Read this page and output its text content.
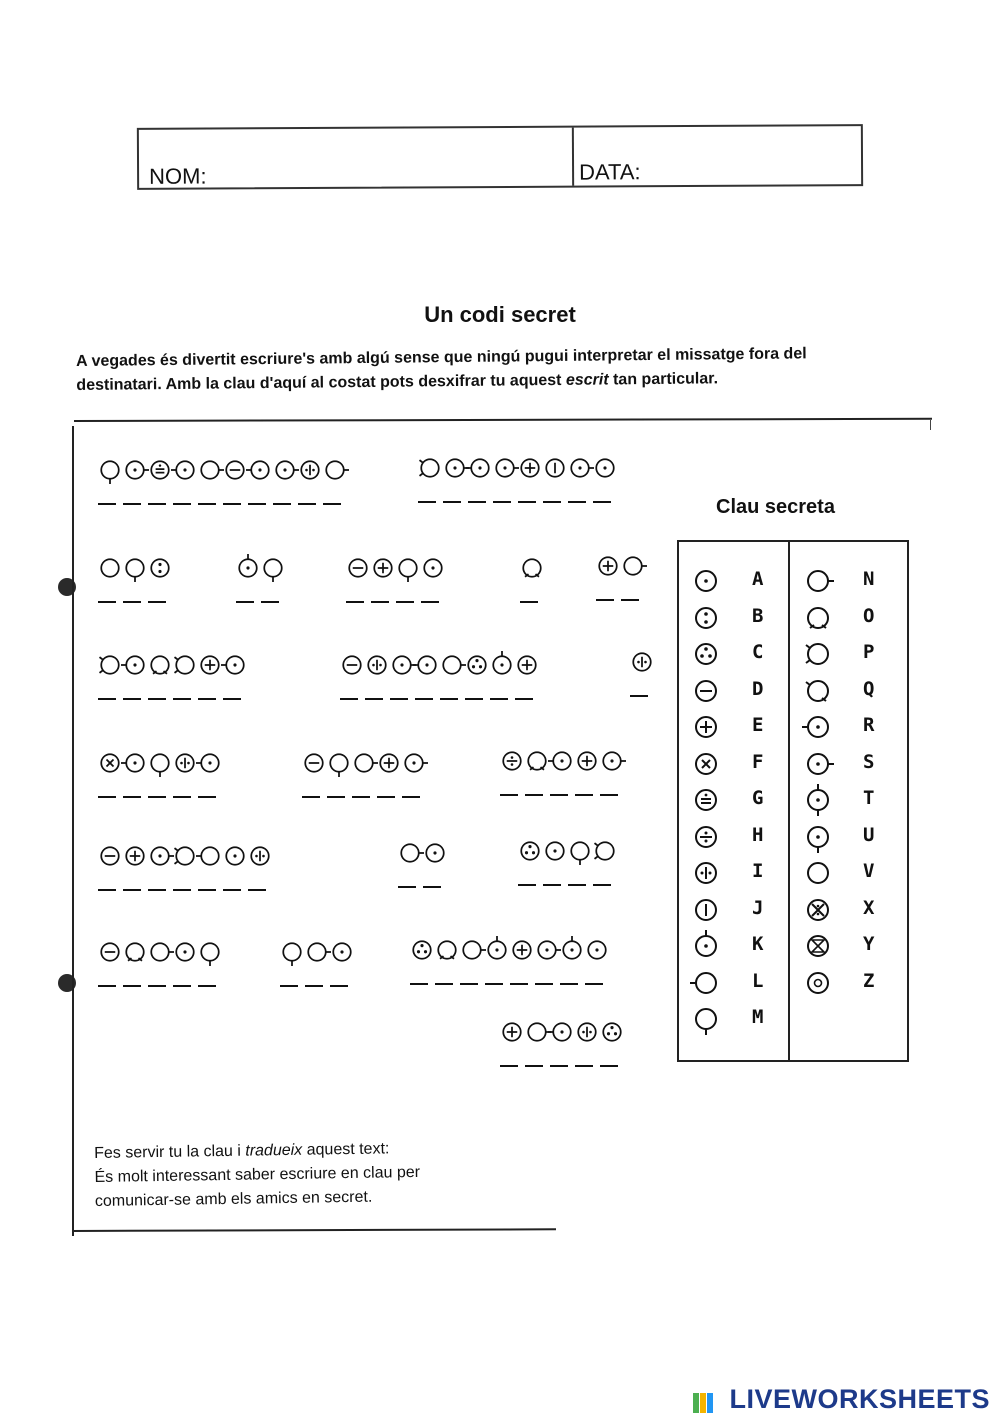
NOM:	DATA:
Un codi secret
A vegades és divertit escriure's amb algú sense que ningú pugui interpretar el missatge fora del
destinatari. Amb la clau d'aquí al costat pots desxifrar tu aquest escrit tan particular.
Clau secreta
A
B
C
D
E
F
G
H
I
J
K
L
M
N
O
P
Q
R
S
T
U
V
X
Y
Z
Fes servir tu la clau i tradueix aquest text:
És molt interessant saber escriure en clau per
comunicar-se amb els amics en secret.
LIVEWORKSHEETS
